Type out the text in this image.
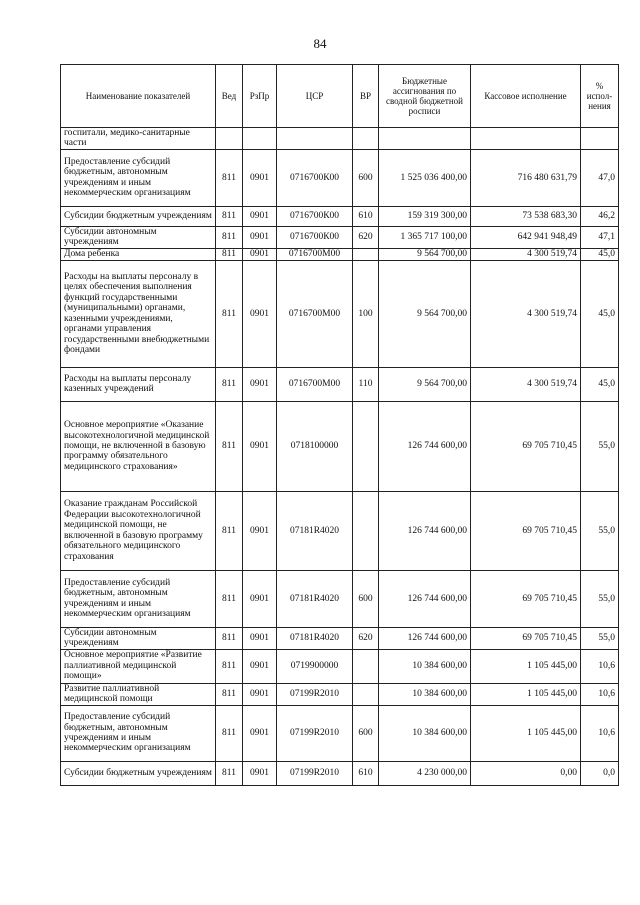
84
Наименование показателей	Вед	РзПр	ЦСР	ВР	Бюджетные ассигнования по сводной бюджетной росписи	Кассовое исполнение	% испол-нения
госпитали, медико-санитарные части							
Предоставление субсидий бюджетным, автономным учреждениям и иным некоммерческим организациям	811	0901	0716700К00	600	1 525 036 400,00	716 480 631,79	47,0
Субсидии бюджетным учреждениям	811	0901	0716700К00	610	159 319 300,00	73 538 683,30	46,2
Субсидии автономным учреждениям	811	0901	0716700К00	620	1 365 717 100,00	642 941 948,49	47,1
Дома ребенка	811	0901	0716700М00		9 564 700,00	4 300 519,74	45,0
Расходы на выплаты персоналу в целях обеспечения выполнения функций государственными (муниципальными) органами, казенными учреждениями, органами управления государственными внебюджетными фондами	811	0901	0716700М00	100	9 564 700,00	4 300 519,74	45,0
Расходы на выплаты персоналу казенных учреждений	811	0901	0716700М00	110	9 564 700,00	4 300 519,74	45,0
Основное мероприятие «Оказание высокотехнологичной медицинской помощи, не включенной в базовую программу обязательного медицинского страхования»	811	0901	0718100000		126 744 600,00	69 705 710,45	55,0
Оказание гражданам Российской Федерации высокотехнологичной медицинской помощи, не включенной в базовую программу обязательного медицинского страхования	811	0901	07181R4020		126 744 600,00	69 705 710,45	55,0
Предоставление субсидий бюджетным, автономным учреждениям и иным некоммерческим организациям	811	0901	07181R4020	600	126 744 600,00	69 705 710,45	55,0
Субсидии автономным учреждениям	811	0901	07181R4020	620	126 744 600,00	69 705 710,45	55,0
Основное мероприятие «Развитие паллиативной медицинской помощи»	811	0901	0719900000		10 384 600,00	1 105 445,00	10,6
Развитие паллиативной медицинской помощи	811	0901	07199R2010		10 384 600,00	1 105 445,00	10,6
Предоставление субсидий бюджетным, автономным учреждениям и иным некоммерческим организациям	811	0901	07199R2010	600	10 384 600,00	1 105 445,00	10,6
Субсидии бюджетным учреждениям	811	0901	07199R2010	610	4 230 000,00	0,00	0,0
